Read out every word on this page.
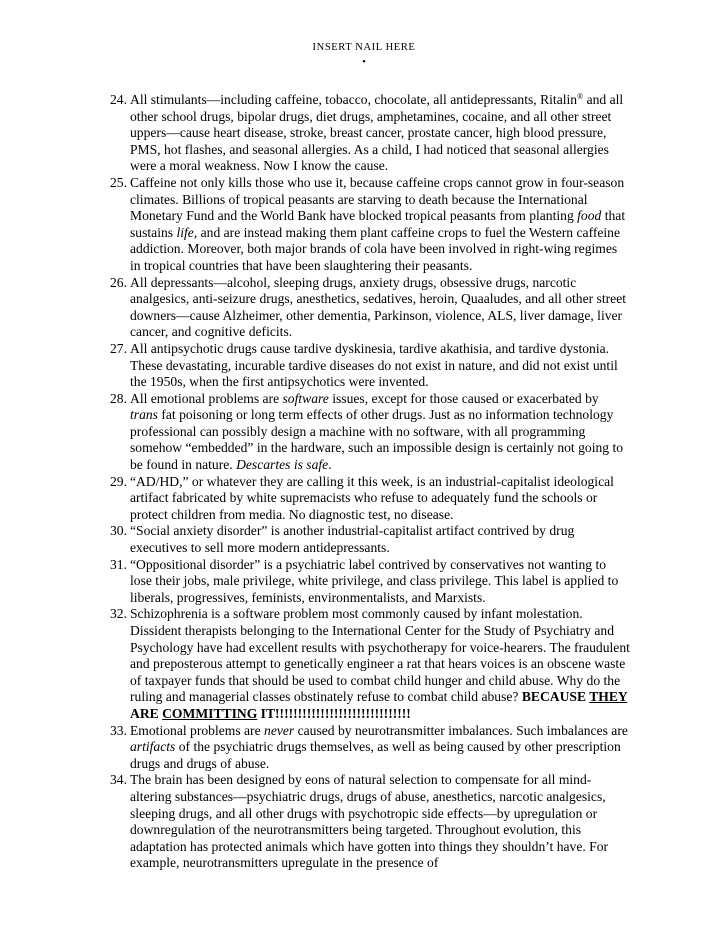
INSERT NAIL HERE
•
24. All stimulants—including caffeine, tobacco, chocolate, all antidepressants, Ritalin® and all other school drugs, bipolar drugs, diet drugs, amphetamines, cocaine, and all other street uppers—cause heart disease, stroke, breast cancer, prostate cancer, high blood pressure, PMS, hot flashes, and seasonal allergies. As a child, I had noticed that seasonal allergies were a moral weakness. Now I know the cause.
25. Caffeine not only kills those who use it, because caffeine crops cannot grow in four-season climates. Billions of tropical peasants are starving to death because the International Monetary Fund and the World Bank have blocked tropical peasants from planting food that sustains life, and are instead making them plant caffeine crops to fuel the Western caffeine addiction. Moreover, both major brands of cola have been involved in right-wing regimes in tropical countries that have been slaughtering their peasants.
26. All depressants—alcohol, sleeping drugs, anxiety drugs, obsessive drugs, narcotic analgesics, anti-seizure drugs, anesthetics, sedatives, heroin, Quaaludes, and all other street downers—cause Alzheimer, other dementia, Parkinson, violence, ALS, liver damage, liver cancer, and cognitive deficits.
27. All antipsychotic drugs cause tardive dyskinesia, tardive akathisia, and tardive dystonia. These devastating, incurable tardive diseases do not exist in nature, and did not exist until the 1950s, when the first antipsychotics were invented.
28. All emotional problems are software issues, except for those caused or exacerbated by trans fat poisoning or long term effects of other drugs. Just as no information technology professional can possibly design a machine with no software, with all programming somehow “embedded” in the hardware, such an impossible design is certainly not going to be found in nature. Descartes is safe.
29. “AD/HD,” or whatever they are calling it this week, is an industrial-capitalist ideological artifact fabricated by white supremacists who refuse to adequately fund the schools or protect children from media. No diagnostic test, no disease.
30. “Social anxiety disorder” is another industrial-capitalist artifact contrived by drug executives to sell more modern antidepressants.
31. “Oppositional disorder” is a psychiatric label contrived by conservatives not wanting to lose their jobs, male privilege, white privilege, and class privilege. This label is applied to liberals, progressives, feminists, environmentalists, and Marxists.
32. Schizophrenia is a software problem most commonly caused by infant molestation. Dissident therapists belonging to the International Center for the Study of Psychiatry and Psychology have had excellent results with psychotherapy for voice-hearers. The fraudulent and preposterous attempt to genetically engineer a rat that hears voices is an obscene waste of taxpayer funds that should be used to combat child hunger and child abuse. Why do the ruling and managerial classes obstinately refuse to combat child abuse? BECAUSE THEY ARE COMMITTING IT!!!!!!!!!!!!!!!!!!!!!!!!!!!!!!
33. Emotional problems are never caused by neurotransmitter imbalances. Such imbalances are artifacts of the psychiatric drugs themselves, as well as being caused by other prescription drugs and drugs of abuse.
34. The brain has been designed by eons of natural selection to compensate for all mind-altering substances—psychiatric drugs, drugs of abuse, anesthetics, narcotic analgesics, sleeping drugs, and all other drugs with psychotropic side effects—by upregulation or downregulation of the neurotransmitters being targeted. Throughout evolution, this adaptation has protected animals which have gotten into things they shouldn’t have. For example, neurotransmitters upregulate in the presence of
